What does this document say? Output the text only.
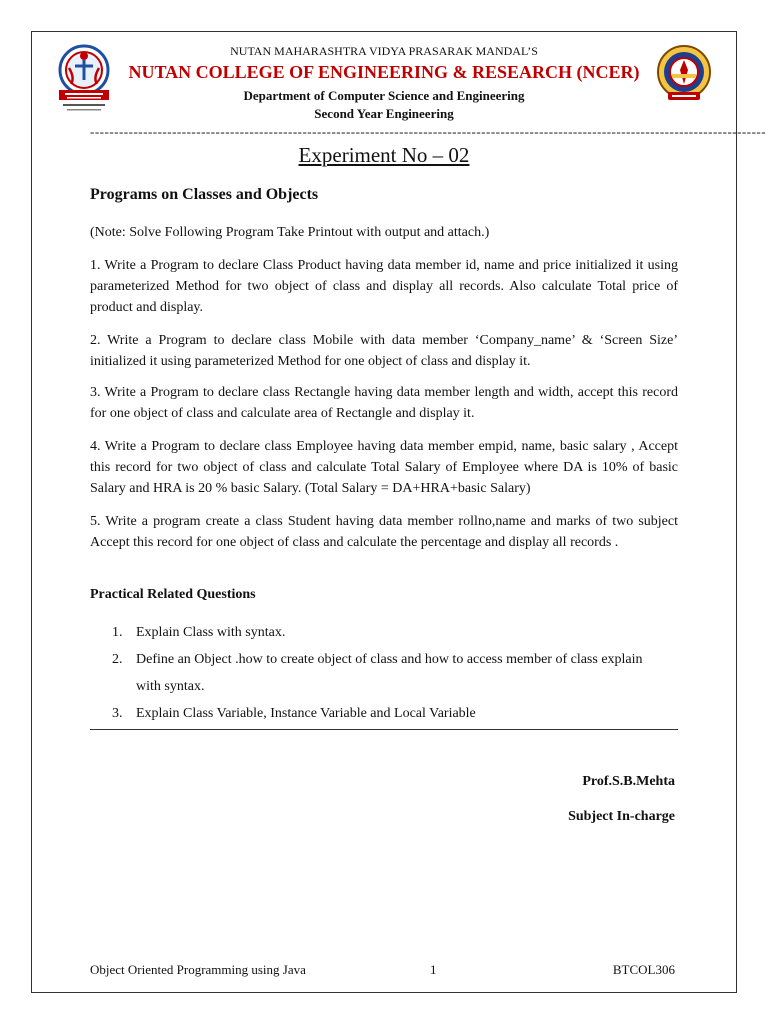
NUTAN MAHARASHTRA VIDYA PRASARAK MANDAL’S
NUTAN COLLEGE OF ENGINEERING & RESEARCH (NCER)
Department of Computer Science and Engineering
Second Year Engineering
--------------------------------------------------------------------------------------------------------------------------------------------
Experiment No – 02
Programs on Classes and Objects
(Note: Solve Following Program Take Printout with output and attach.)
1. Write a Program to declare Class Product having data member id, name and price initialized it using parameterized Method for two object of class and display all records. Also calculate Total price of product and display.
2. Write a Program to declare class Mobile with data member ‘Company_name’ & ‘Screen Size’ initialized it using parameterized Method for one object of class and display it.
3. Write a Program to declare class Rectangle having data member length and width, accept this record for one object of class and calculate area of Rectangle and display it.
4. Write a Program to declare class Employee having data member empid, name, basic salary , Accept this record for two object of class and calculate Total Salary of Employee where DA is 10% of basic Salary and HRA is 20 % basic Salary. (Total Salary = DA+HRA+basic Salary)
5. Write a program create a class Student having data member rollno,name and marks of two subject Accept this record for one object of class and calculate the percentage and display all records .
Practical Related Questions
1. Explain Class with syntax.
2. Define an Object .how to create object of class and how to access member of class explain with syntax.
3. Explain Class Variable, Instance Variable and Local Variable
Prof.S.B.Mehta
Subject In-charge
Object Oriented Programming using Java	1	BTCOL306
